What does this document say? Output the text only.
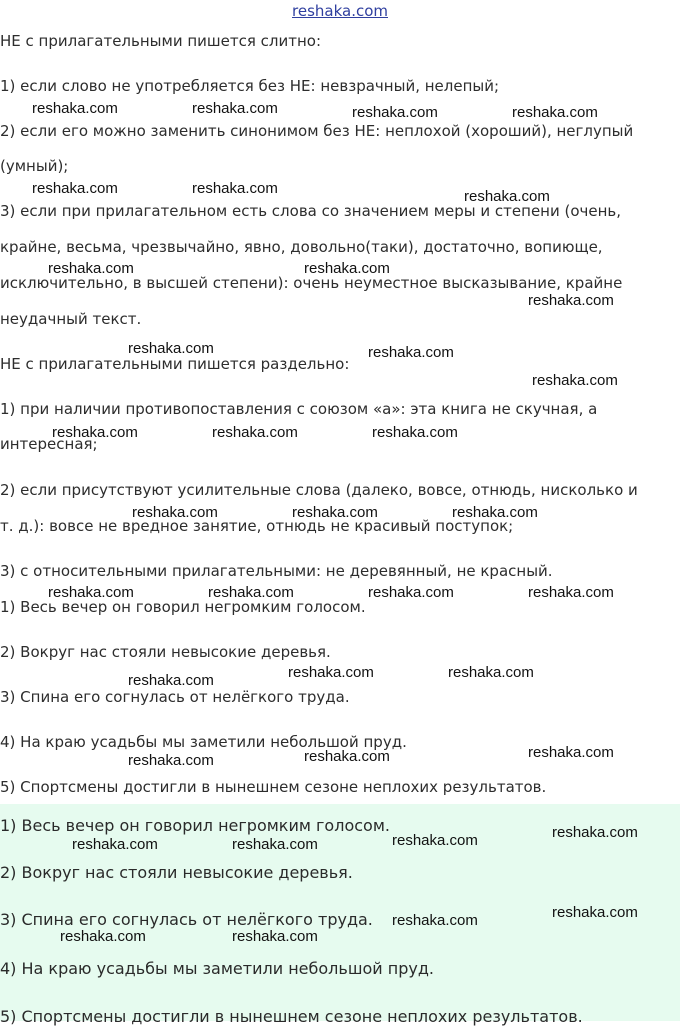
reshaka.com
НЕ с прилагательными пишется слитно:
1) если слово не употребляется без НЕ: невзрачный, нелепый;
2) если его можно заменить синонимом без НЕ: неплохой (хороший), неглупый
(умный);
3) если при прилагательном есть слова со значением меры и степени (очень,
крайне, весьма, чрезвычайно, явно, довольно(таки), достаточно, вопиюще,
исключительно, в высшей степени): очень неуместное высказывание, крайне
неудачный текст.
НЕ с прилагательными пишется раздельно:
1) при наличии противопоставления с союзом «а»: эта книга не скучная, а
интересная;
2) если присутствуют усилительные слова (далеко, вовсе, отнюдь, нисколько и
т. д.): вовсе не вредное занятие, отнюдь не красивый поступок;
3) с относительными прилагательными: не деревянный, не красный.
1) Весь вечер он говорил негромким голосом.
2) Вокруг нас стояли невысокие деревья.
3) Спина его согнулась от нелёгкого труда.
4) На краю усадьбы мы заметили небольшой пруд.
5) Спортсмены достигли в нынешнем сезоне неплохих результатов.
1) Весь вечер он говорил негромким голосом.
2) Вокруг нас стояли невысокие деревья.
3) Спина его согнулась от нелёгкого труда.
4) На краю усадьбы мы заметили небольшой пруд.
5) Спортсмены достигли в нынешнем сезоне неплохих результатов.
reshaka.com	reshaka.com	reshaka.com	reshaka.com
reshaka.com	reshaka.com	reshaka.com
reshaka.com	reshaka.com
reshaka.com
reshaka.com	reshaka.com
reshaka.com
reshaka.com	reshaka.com	reshaka.com
reshaka.com	reshaka.com	reshaka.com
reshaka.com	reshaka.com	reshaka.com	reshaka.com
reshaka.com	reshaka.com
reshaka.com
reshaka.com
reshaka.com	reshaka.com
reshaka.com
reshaka.com
reshaka.com	reshaka.com
reshaka.com
reshaka.com
reshaka.com	reshaka.com
